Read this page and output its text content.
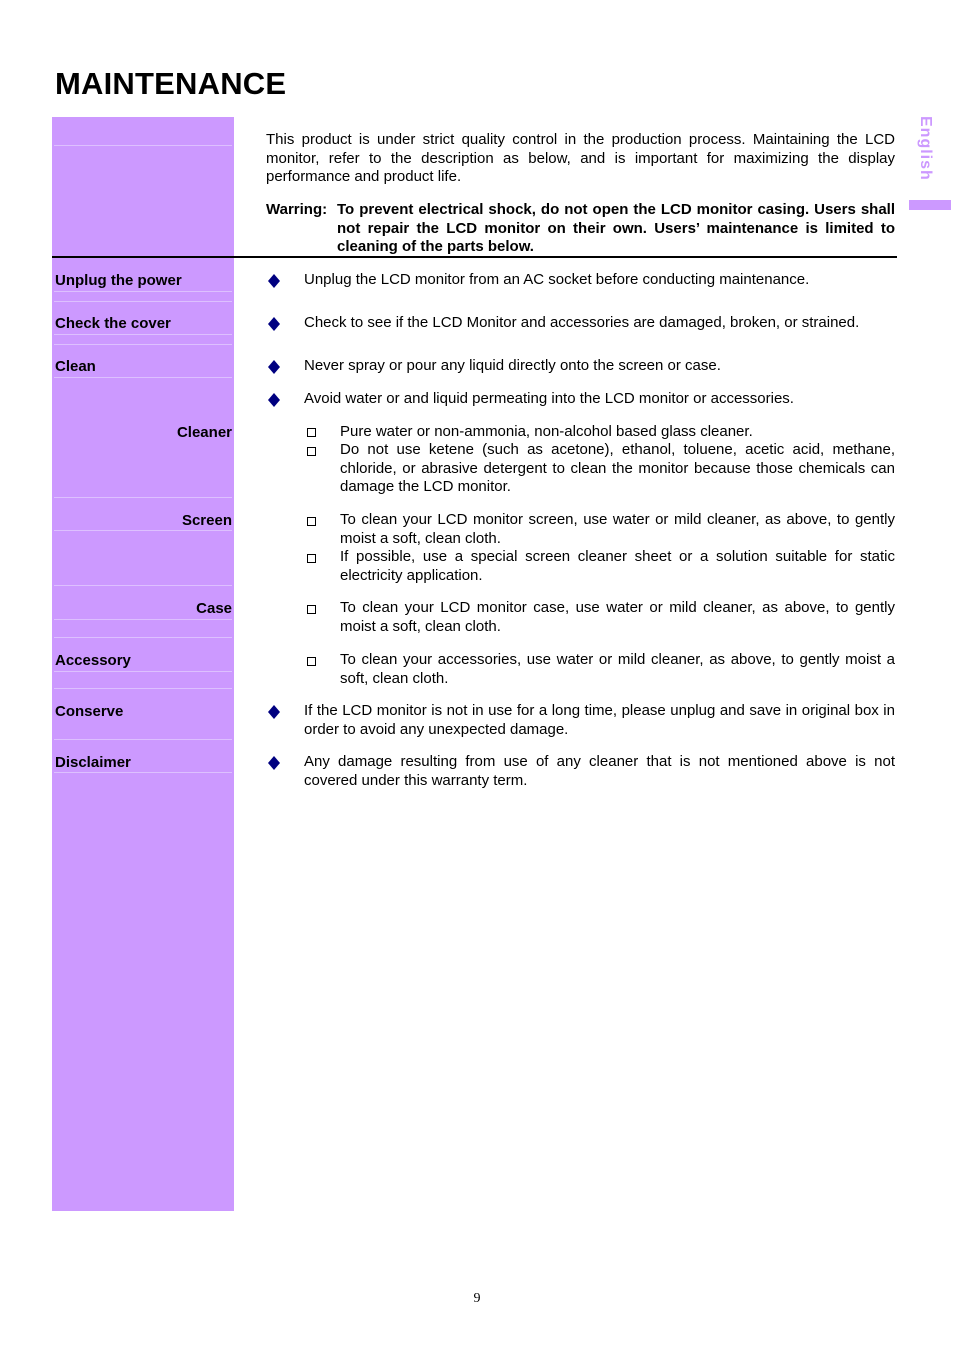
MAINTENANCE
This product is under strict quality control in the production process. Maintaining the LCD monitor, refer to the description as below, and is important for maximizing the display performance and product life.
Warring: To prevent electrical shock, do not open the LCD monitor casing. Users shall not repair the LCD monitor on their own. Users’ maintenance is limited to cleaning of the parts below.
Unplug the power
Check the cover
Clean
Cleaner
Screen
Case
Accessory
Conserve
Disclaimer
Unplug the LCD monitor from an AC socket before conducting maintenance.
Check to see if the LCD Monitor and accessories are damaged, broken, or strained.
Never spray or pour any liquid directly onto the screen or case.
Avoid water or and liquid permeating into the LCD monitor or accessories.
Pure water or non-ammonia, non-alcohol based glass cleaner.
Do not use ketene (such as acetone), ethanol, toluene, acetic acid, methane, chloride, or abrasive detergent to clean the monitor because those chemicals can damage the LCD monitor.
To clean your LCD monitor screen, use water or mild cleaner, as above, to gently moist a soft, clean cloth.
If possible, use a special screen cleaner sheet or a solution suitable for static electricity application.
To clean your LCD monitor case, use water or mild cleaner, as above, to gently moist a soft, clean cloth.
To clean your accessories, use water or mild cleaner, as above, to gently moist a soft, clean cloth.
If the LCD monitor is not in use for a long time, please unplug and save in original box in order to avoid any unexpected damage.
Any damage resulting from use of any cleaner that is not mentioned above is not covered under this warranty term.
English
9
